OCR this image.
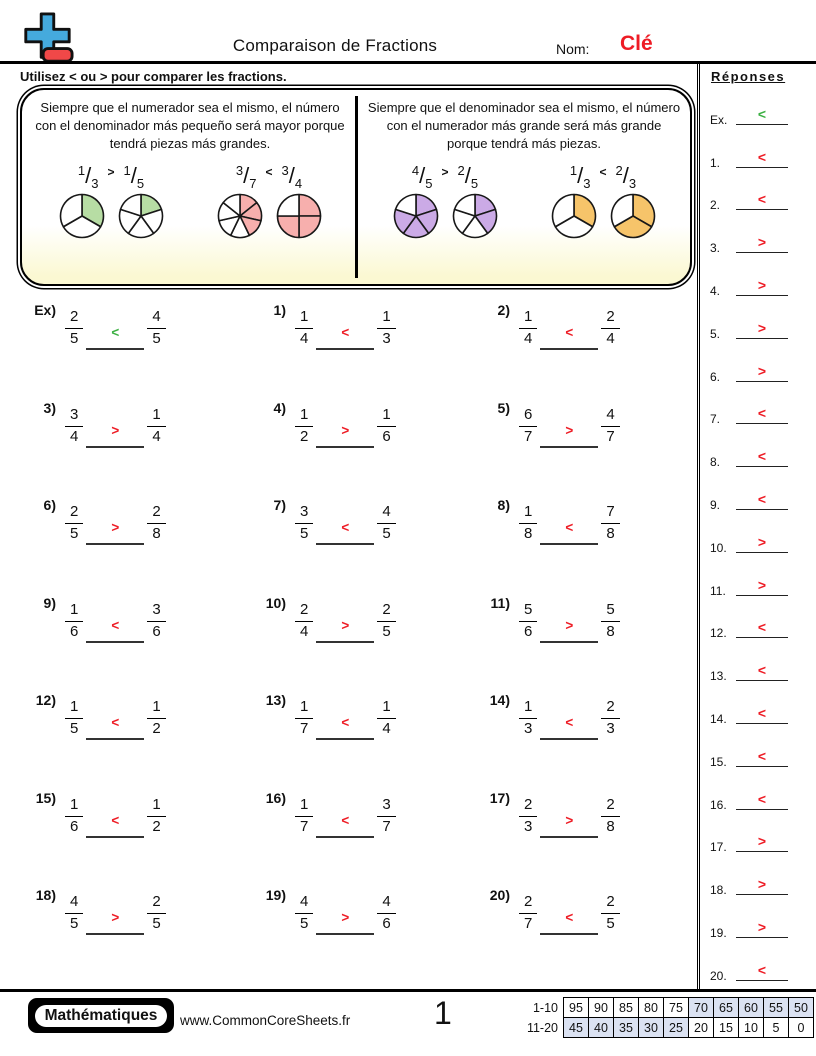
Comparaison de Fractions	Nom: Clé
Utilisez < ou > pour comparer les fractions.
Siempre que el numerador sea el mismo, el número con el denominador más pequeño será mayor porque tendrá piezas más grandes.
1/3> 1/5
3/7< 3/4
Siempre que el denominador sea el mismo, el número con el numerador más grande será más grande porque tendrá más piezas.
4/5> 2/5
1/3< 2/3
$Ex) \frac{2}{5}$	<	$\frac{4}{5}$	$1) \frac{1}{4}$	<	$\frac{1}{3}$	$2) \frac{1}{4}$	<	$\frac{2}{4}$
$3) \frac{3}{4}$	>	$\frac{1}{4}$	$4) \frac{1}{2}$	>	$\frac{1}{6}$	$5) \frac{6}{7}$	>	$\frac{4}{7}$
$6) \frac{2}{5}$	>	$\frac{2}{8}$	$7) \frac{3}{5}$	<	$\frac{4}{5}$	$8) \frac{1}{8}$	<	$\frac{7}{8}$
$9) \frac{1}{6}$	<	$\frac{3}{6}$	$10) \frac{2}{4}$	>	$\frac{2}{5}$	$11) \frac{5}{6}$	>	$\frac{5}{8}$
$12) \frac{1}{5}$	<	$\frac{1}{2}$	$13) \frac{1}{7}$	<	$\frac{1}{4}$	$14) \frac{1}{3}$	<	$\frac{2}{3}$
$15) \frac{1}{6}$	<	$\frac{1}{2}$	$16) \frac{1}{7}$	<	$\frac{3}{7}$	$17) \frac{2}{3}$	>	$\frac{2}{8}$
$18) \frac{4}{5}$	>	$\frac{2}{5}$	$19) \frac{4}{5}$	>	$\frac{4}{6}$	$20) \frac{2}{7}$	<	$\frac{2}{5}$
Réponses
Ex.	<
1.	<
2.	<
3.	>
4.	>
5.	>
6.	>
7.	<
8.	<
9.	<
10.	>
11.	>
12.	<
13.	<
14.	<
15.	<
16.	<
17.	>
18.	>
19.	>
20.	<
Mathématiques	www.CommonCoreSheets.fr	1	1-10	95	90	85	80	75	70	65	60	55	50
11-20	45	40	35	30	25	20	15	10	5	0
